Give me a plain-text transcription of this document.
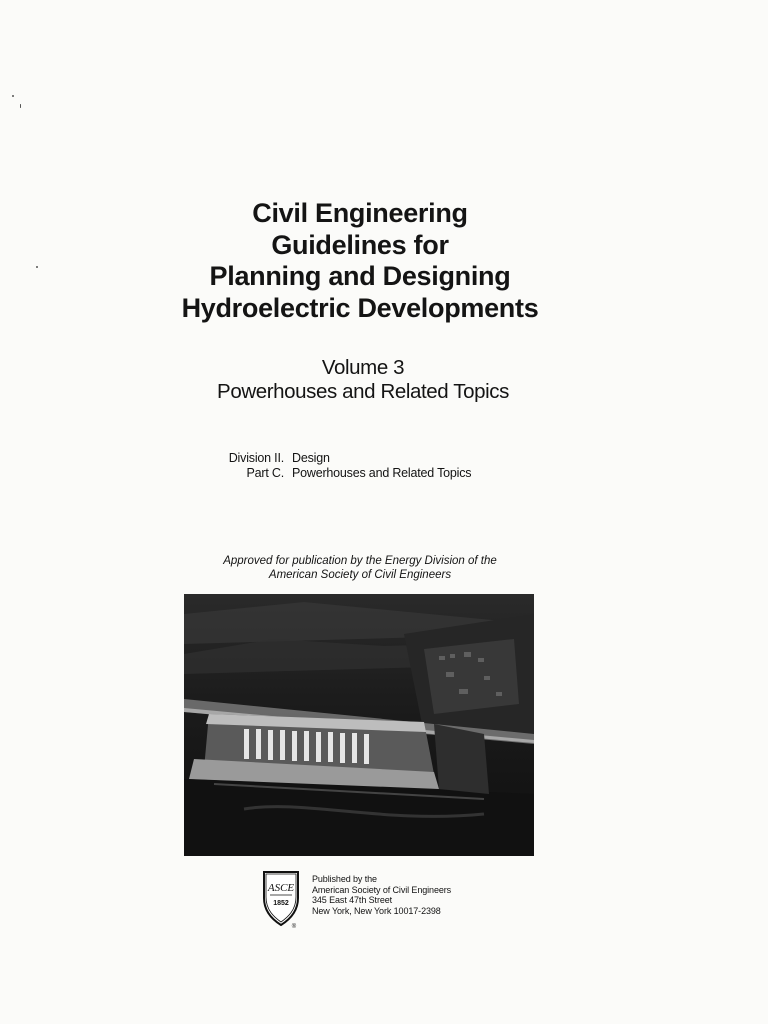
Civil Engineering
Guidelines for
Planning and Designing
Hydroelectric Developments
Volume 3
Powerhouses and Related Topics
Division II. Design
Part C. Powerhouses and Related Topics
Approved for publication by the Energy Division of the
American Society of Civil Engineers
ASCE
1852
®
Published by the
American Society of Civil Engineers
345 East 47th Street
New York, New York 10017-2398
